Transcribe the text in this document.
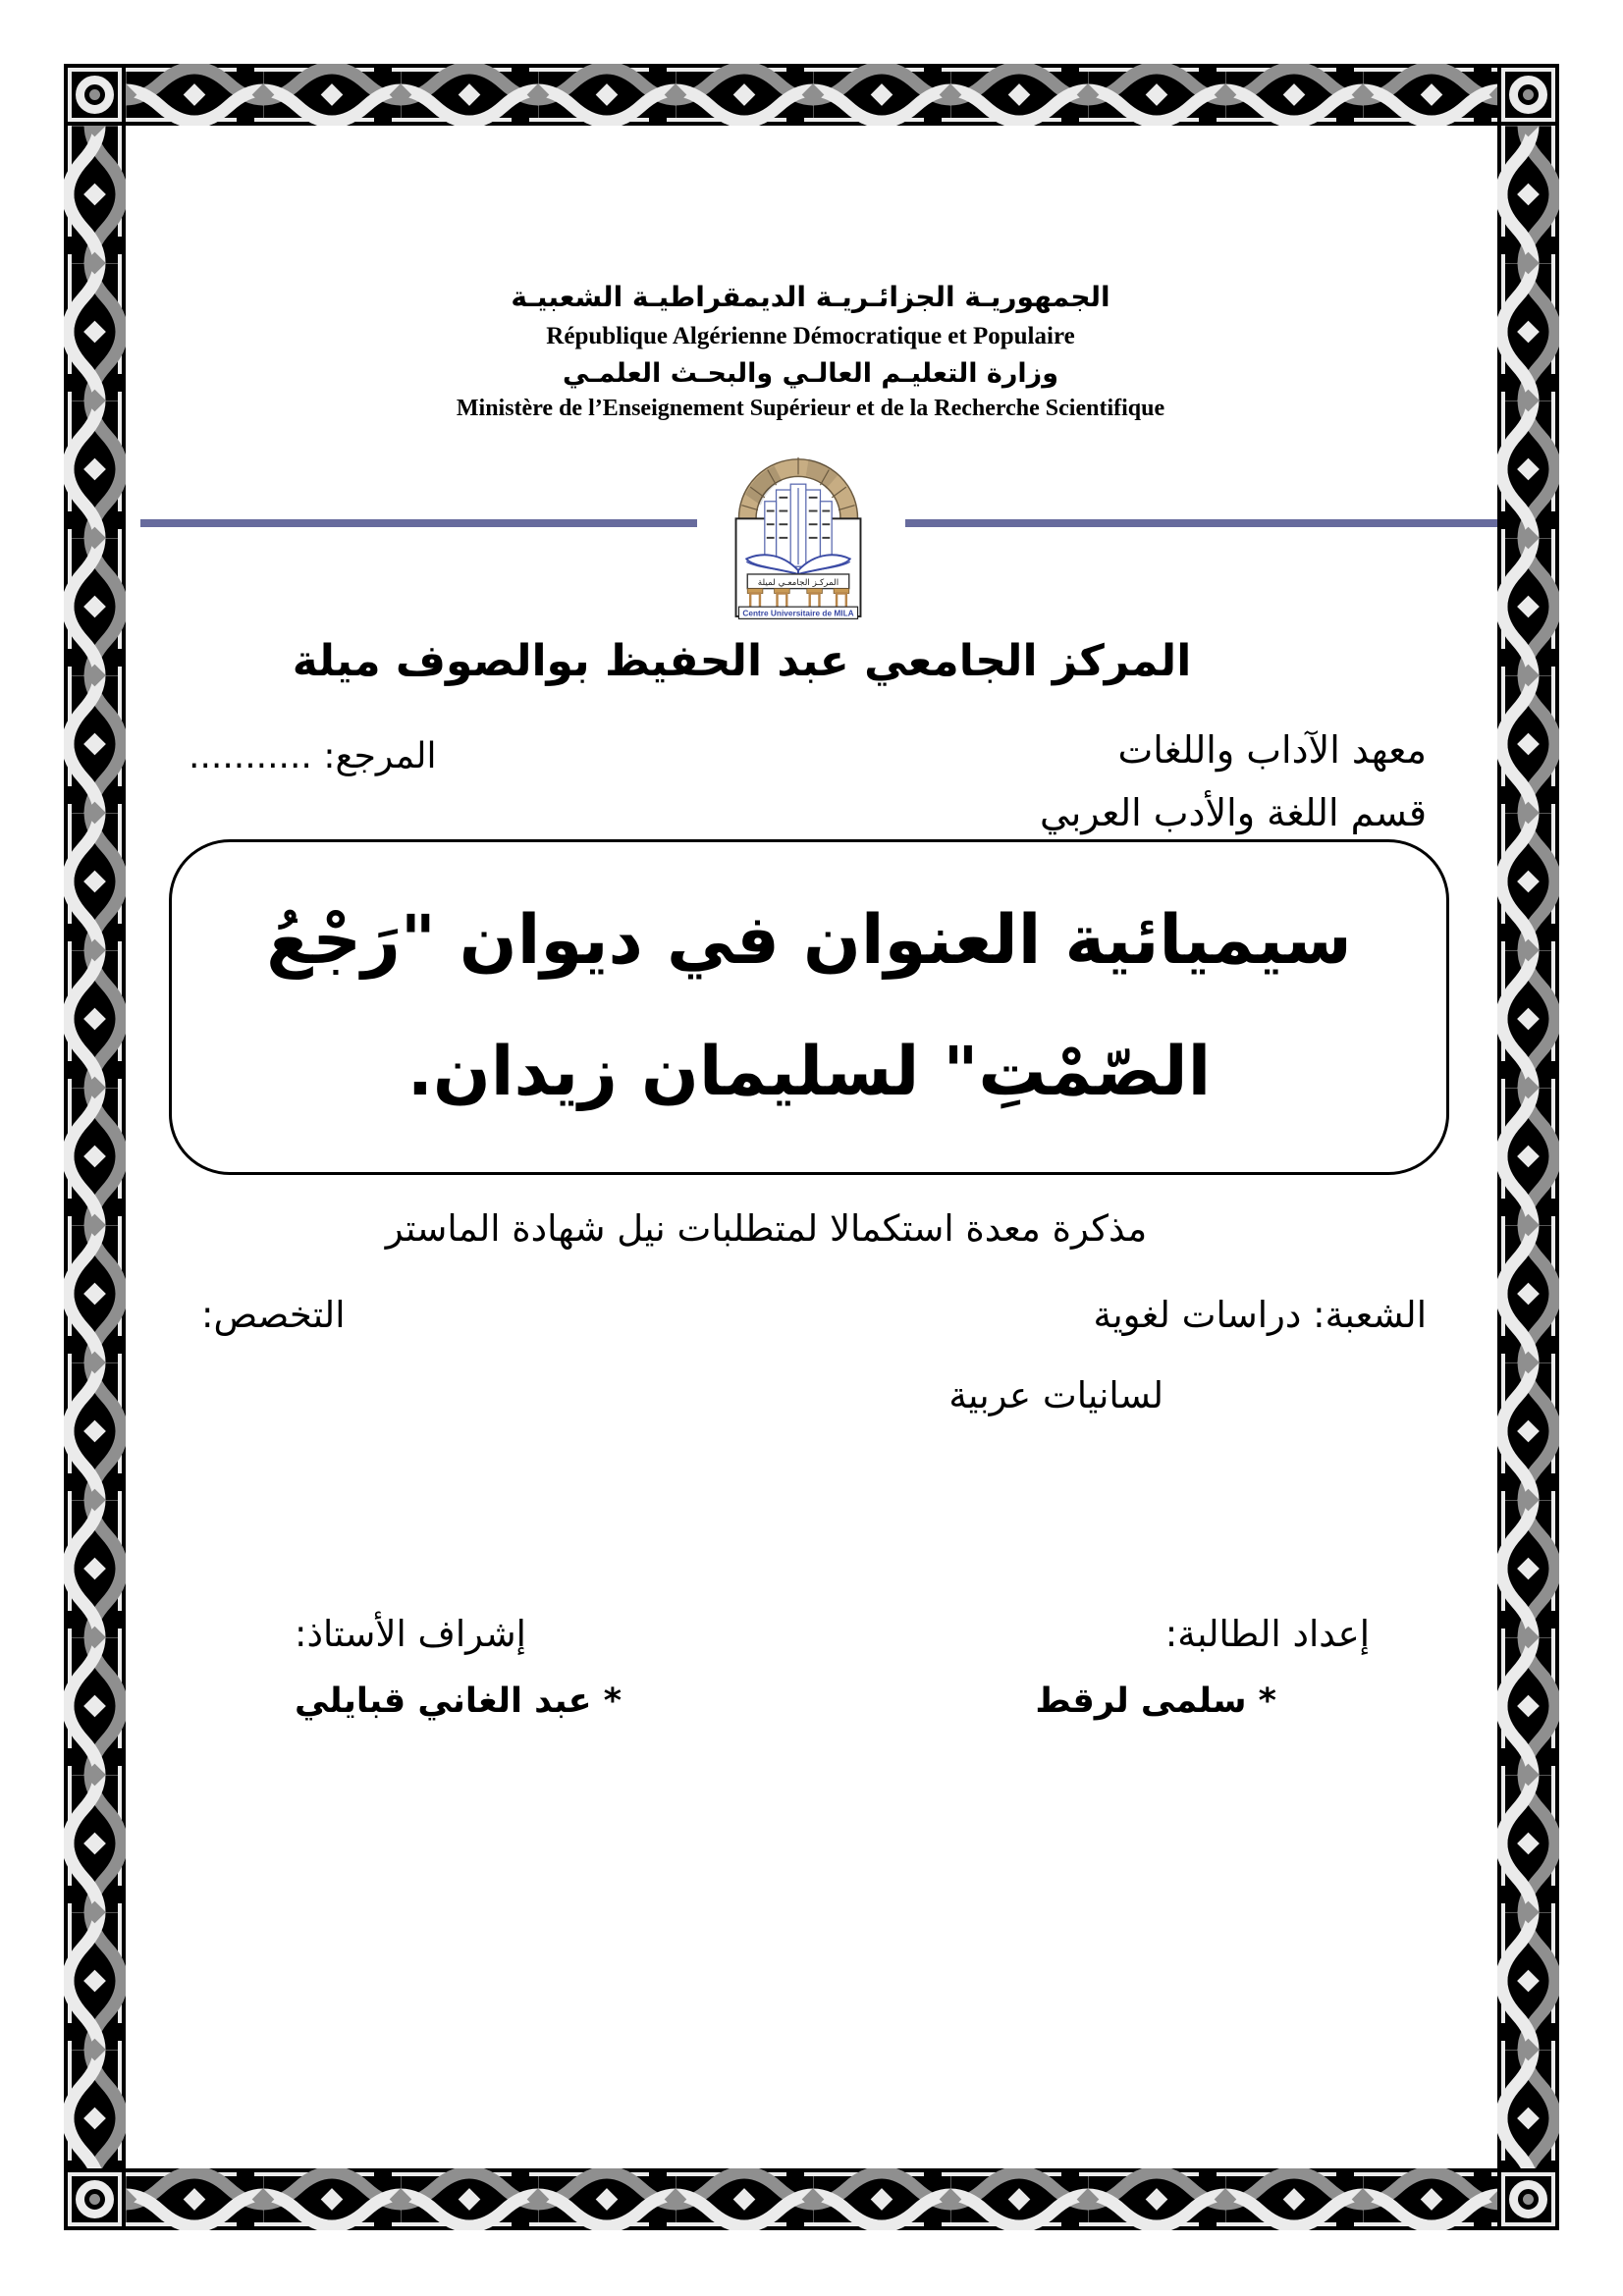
الجمهوريـة الجزائـريـة الديمقراطيـة الشعبيـة
République Algérienne Démocratique et Populaire
وزارة التعليـم العالـي والبحـث العلمـي
Ministère de l’Enseignement Supérieur et de la Recherche Scientifique
المركـز الجامعـي لميلة
Centre Universitaire de MILA
المركز الجامعي عبد الحفيظ بوالصوف ميلة
معهد الآداب واللغات
المرجع: ...........
قسم اللغة والأدب العربي
سيميائية العنوان في ديوان "رَجْعُ
الصّمْتِ" لسليمان زيدان.
مذكرة معدة استكمالا لمتطلبات نيل شهادة الماستر
الشعبة: دراسات لغوية
التخصص:
لسانيات عربية
إعداد الطالبة:
إشراف الأستاذ:
* سلمى لرقط
* عبد الغاني قبايلي
